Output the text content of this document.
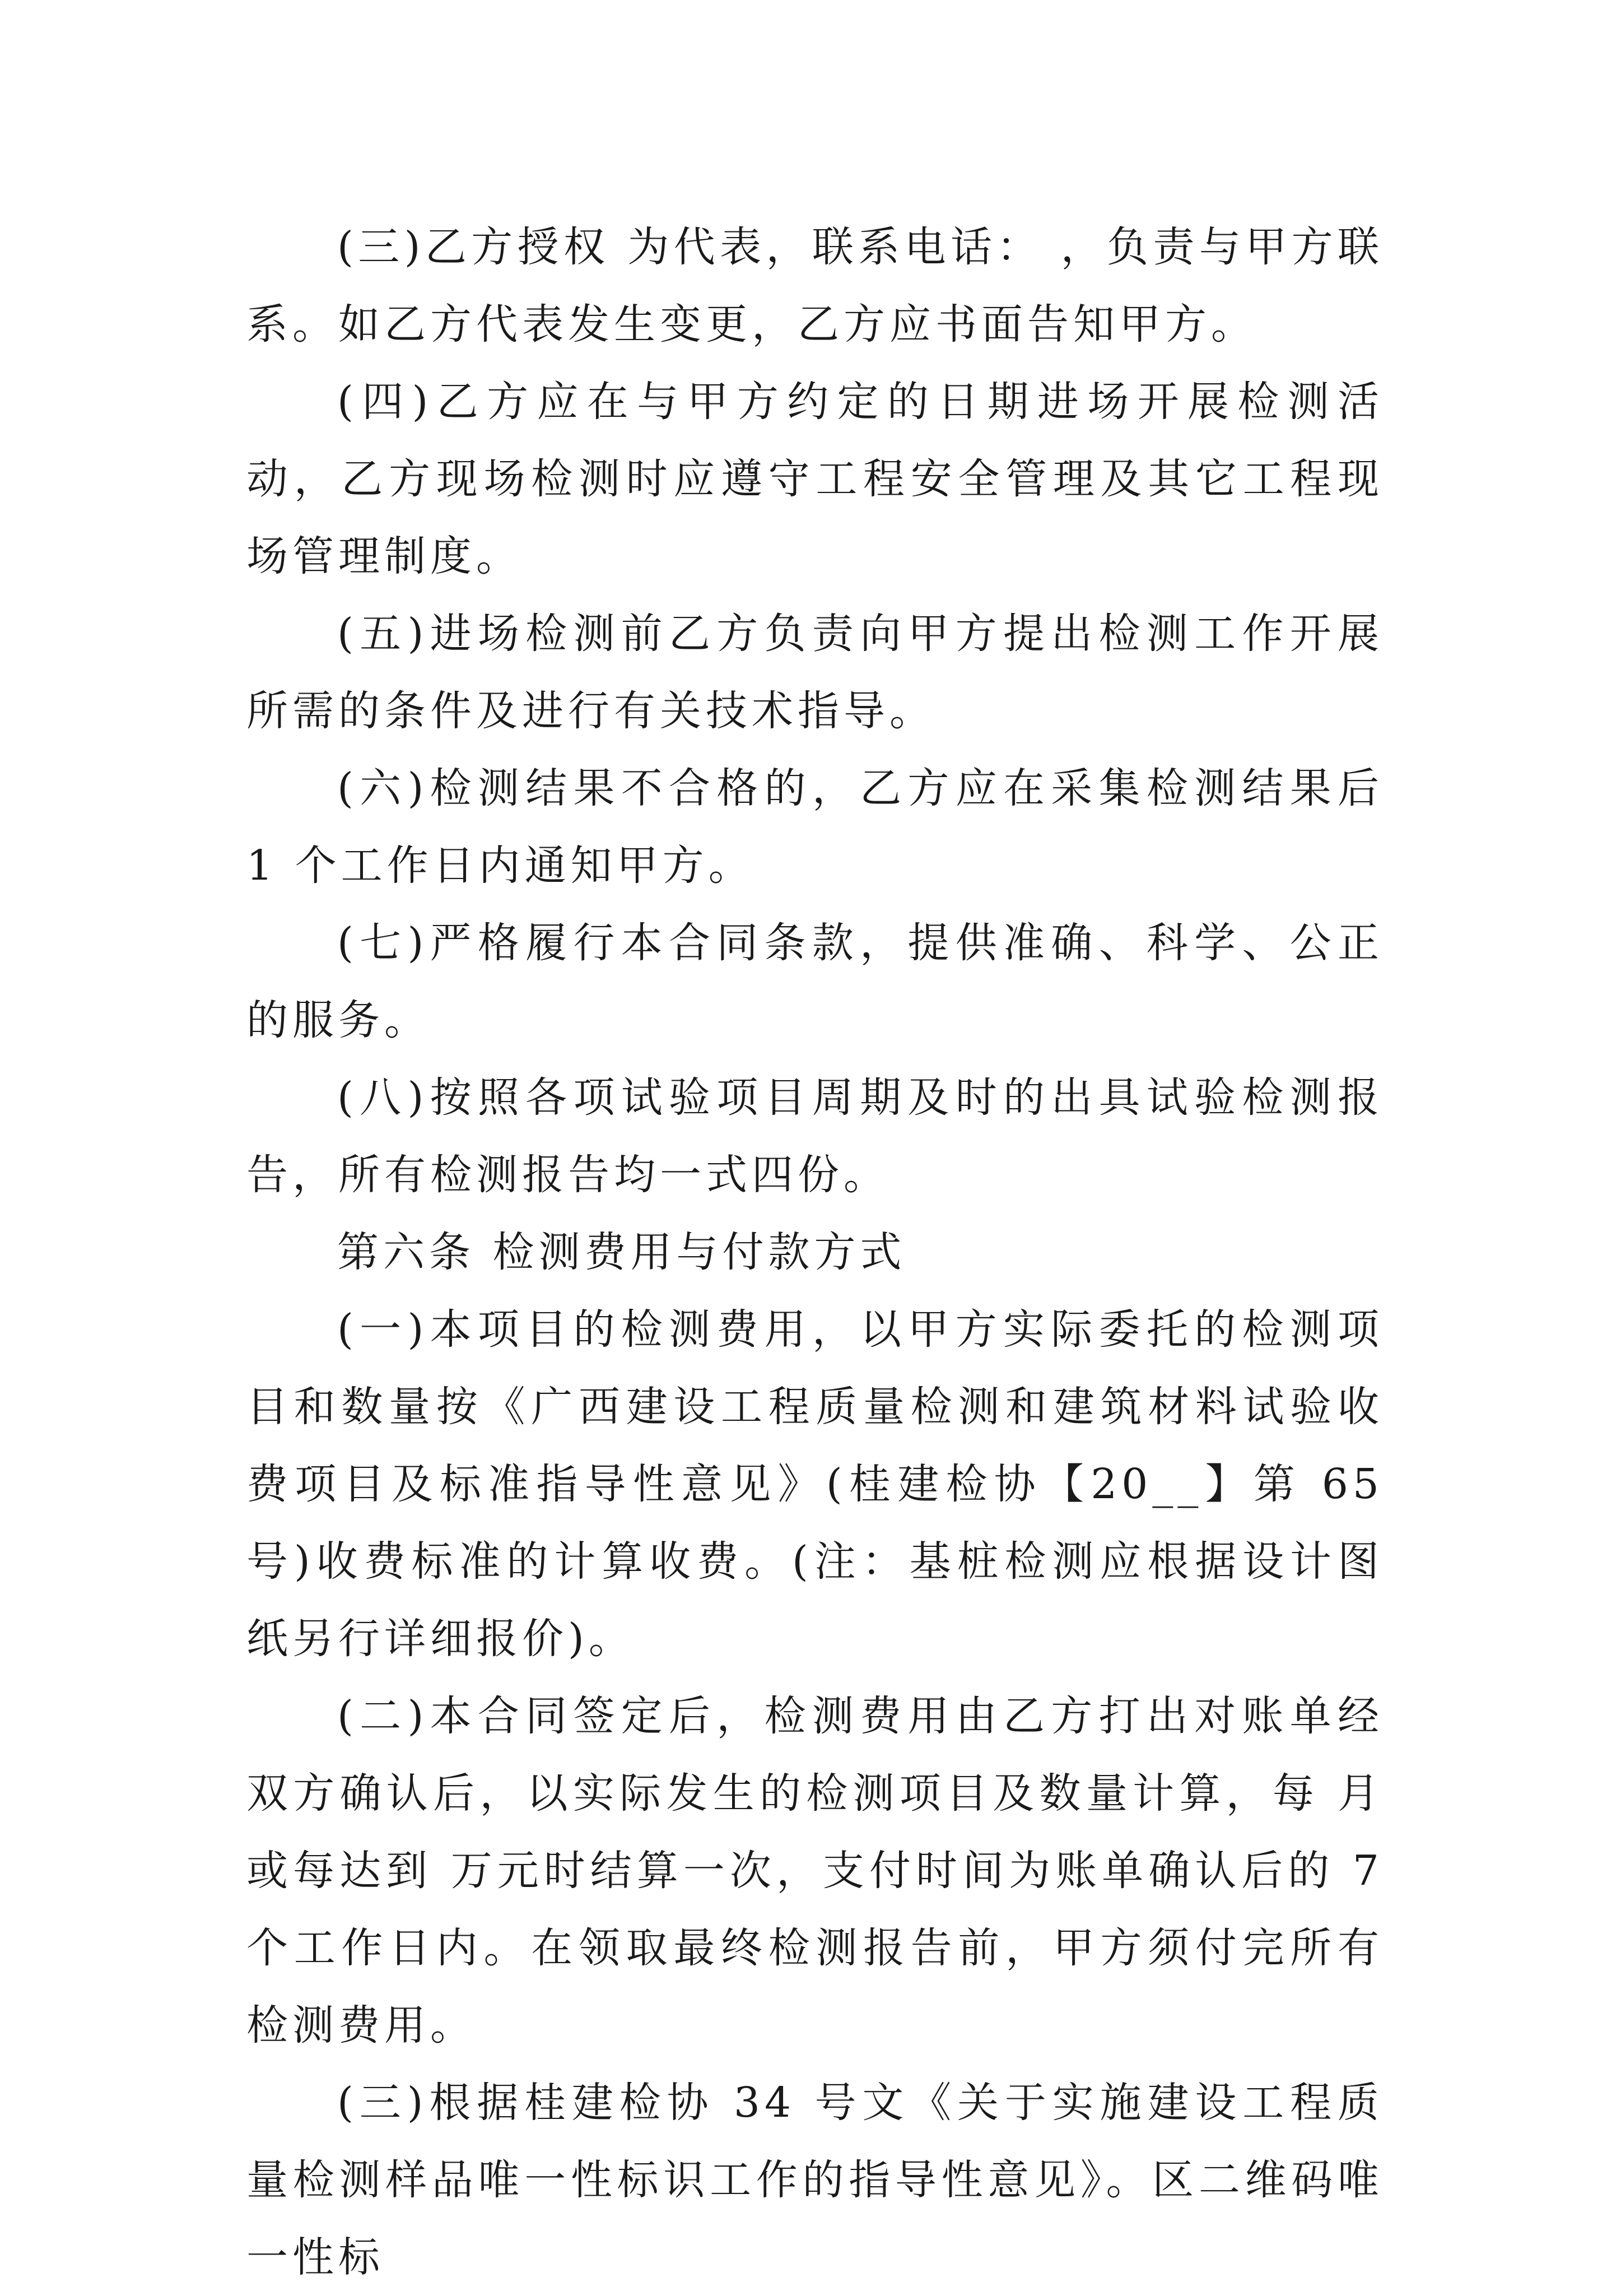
(三)乙方授权 为代表，联系电话： ，负责与甲方联系。如乙方代表发生变更，乙方应书面告知甲方。

(四)乙方应在与甲方约定的日期进场开展检测活动，乙方现场检测时应遵守工程安全管理及其它工程现场管理制度。

(五)进场检测前乙方负责向甲方提出检测工作开展所需的条件及进行有关技术指导。

(六)检测结果不合格的，乙方应在采集检测结果后 1 个工作日内通知甲方。

(七)严格履行本合同条款，提供准确、科学、公正的服务。

(八)按照各项试验项目周期及时的出具试验检测报告，所有检测报告均一式四份。

第六条 检测费用与付款方式

(一)本项目的检测费用，以甲方实际委托的检测项目和数量按《广西建设工程质量检测和建筑材料试验收费项目及标准指导性意见》(桂建检协【20__】第 65 号)收费标准的计算收费。(注：基桩检测应根据设计图纸另行详细报价)。

(二)本合同签定后，检测费用由乙方打出对账单经双方确认后，以实际发生的检测项目及数量计算，每 月或每达到 万元时结算一次，支付时间为账单确认后的 7 个工作日内。在领取最终检测报告前，甲方须付完所有检测费用。

(三)根据桂建检协 34 号文《关于实施建设工程质量检测样品唯一性标识工作的指导性意见》。区二维码唯一性标
